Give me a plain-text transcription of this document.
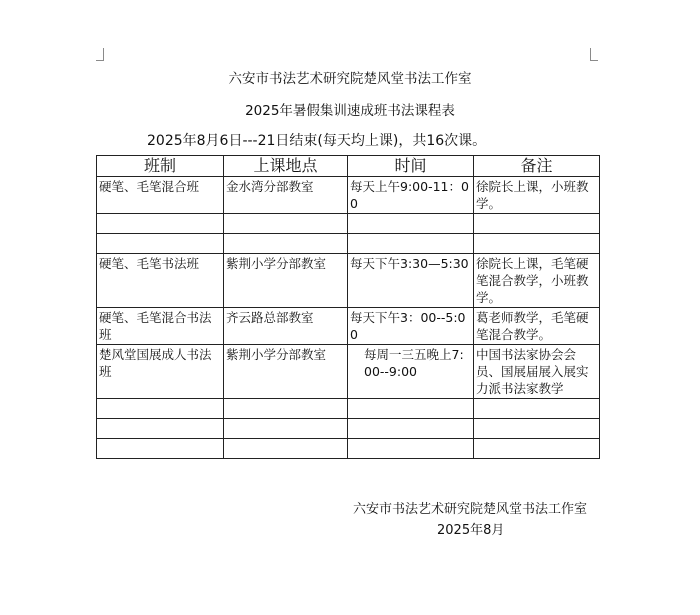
六安市书法艺术研究院楚风堂书法工作室
2025年暑假集训速成班书法课程表
2025年8月6日---21日结束(每天均上课)，共16次课。
班制	上课地点	时间	备注
硬笔、毛笔混合班	金水湾分部教室	每天上午9:00-11：00	徐院长上课，小班教学。

硬笔、毛笔书法班	紫荆小学分部教室	每天下午3:30—5:30	徐院长上课，毛笔硬笔混合教学，小班教学。
硬笔、毛笔混合书法班	齐云路总部教室	每天下午3：00--5:00	葛老师教学，毛笔硬笔混合教学。
楚风堂国展成人书法班	紫荆小学分部教室	每周一三五晚上7:00--9:00	中国书法家协会会员、国展届展入展实力派书法家教学

六安市书法艺术研究院楚风堂书法工作室
2025年8月
